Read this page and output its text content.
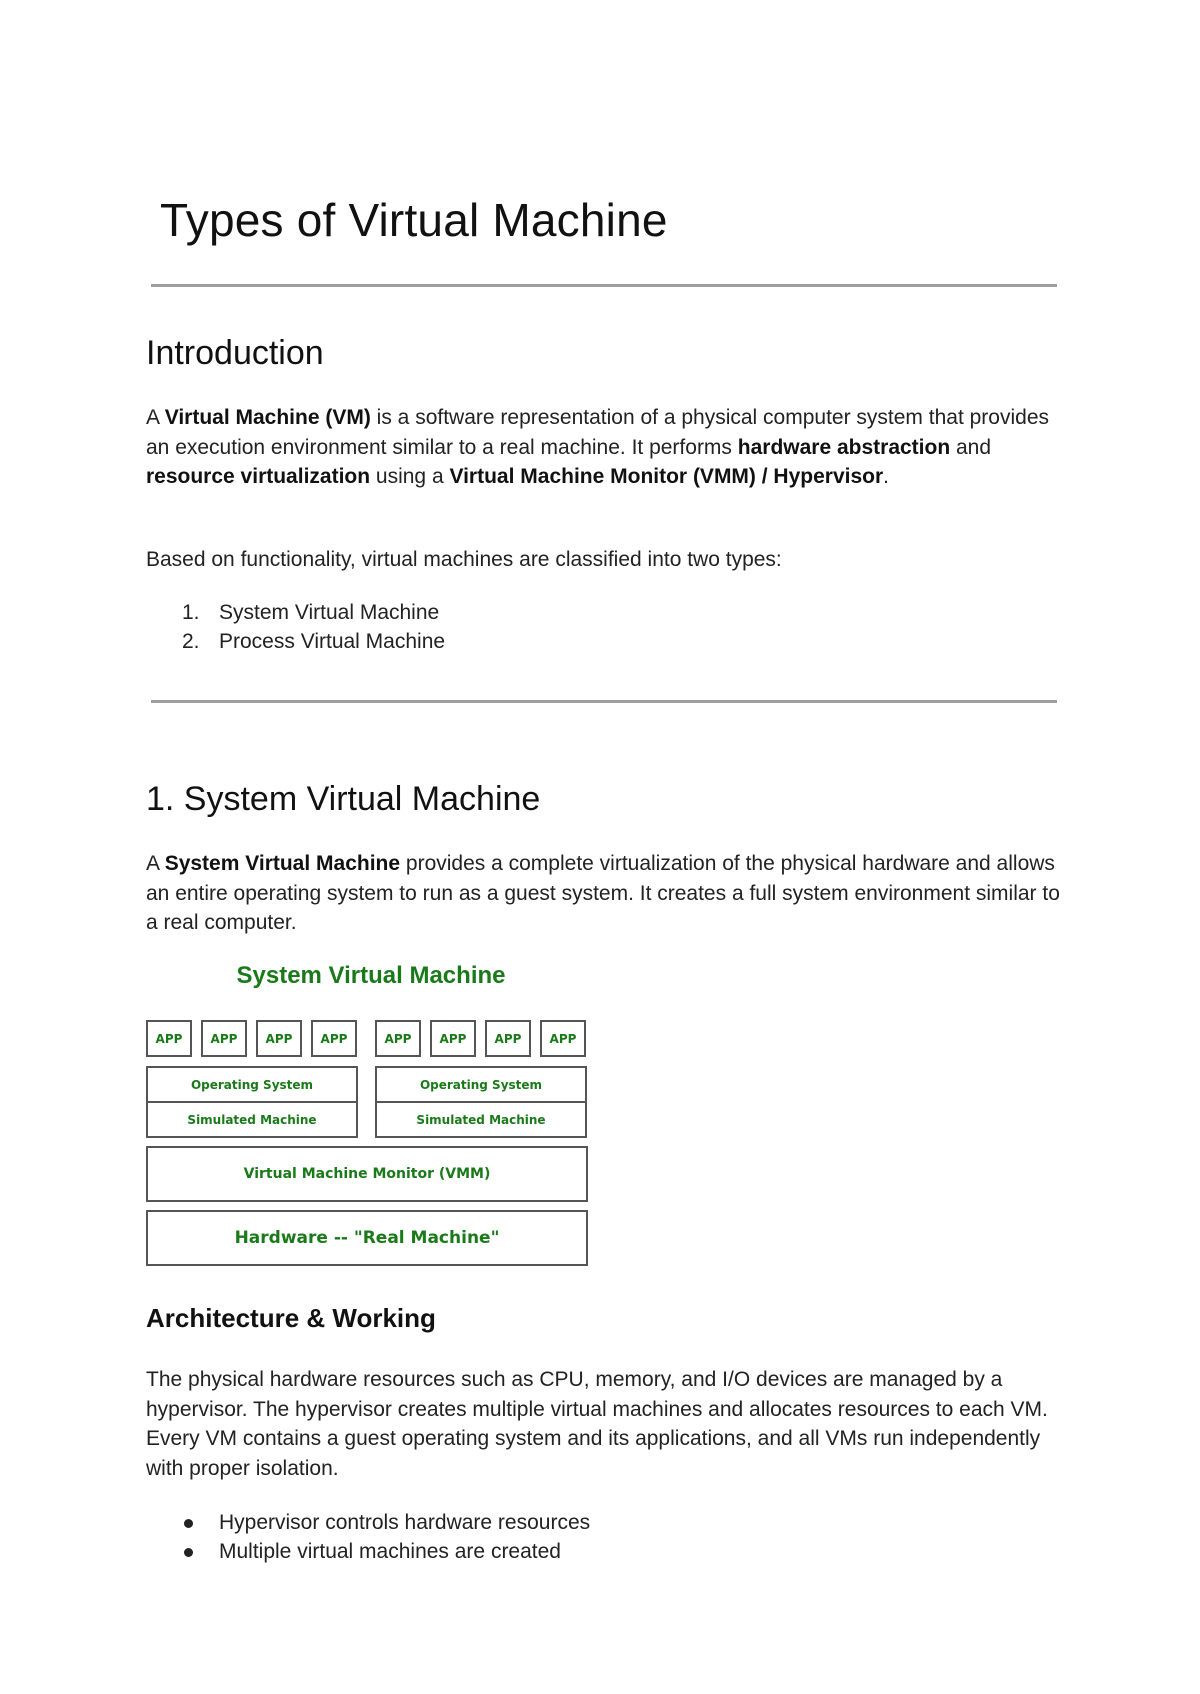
Types of Virtual Machine
Introduction

A Virtual Machine (VM) is a software representation of a physical computer system that provides an execution environment similar to a real machine. It performs hardware abstraction and resource virtualization using a Virtual Machine Monitor (VMM) / Hypervisor.

Based on functionality, virtual machines are classified into two types:

1. System Virtual Machine
2. Process Virtual Machine
1. System Virtual Machine

A System Virtual Machine provides a complete virtualization of the physical hardware and allows an entire operating system to run as a guest system. It creates a full system environment similar to a real computer.

System Virtual Machine
APP	APP	APP	APP	APP	APP	APP	APP
Operating System
Simulated Machine
Operating System
Simulated Machine
Virtual Machine Monitor (VMM)
Hardware -- "Real Machine"
Architecture & Working

The physical hardware resources such as CPU, memory, and I/O devices are managed by a hypervisor. The hypervisor creates multiple virtual machines and allocates resources to each VM. Every VM contains a guest operating system and its applications, and all VMs run independently with proper isolation.

Hypervisor controls hardware resources
Multiple virtual machines are created
